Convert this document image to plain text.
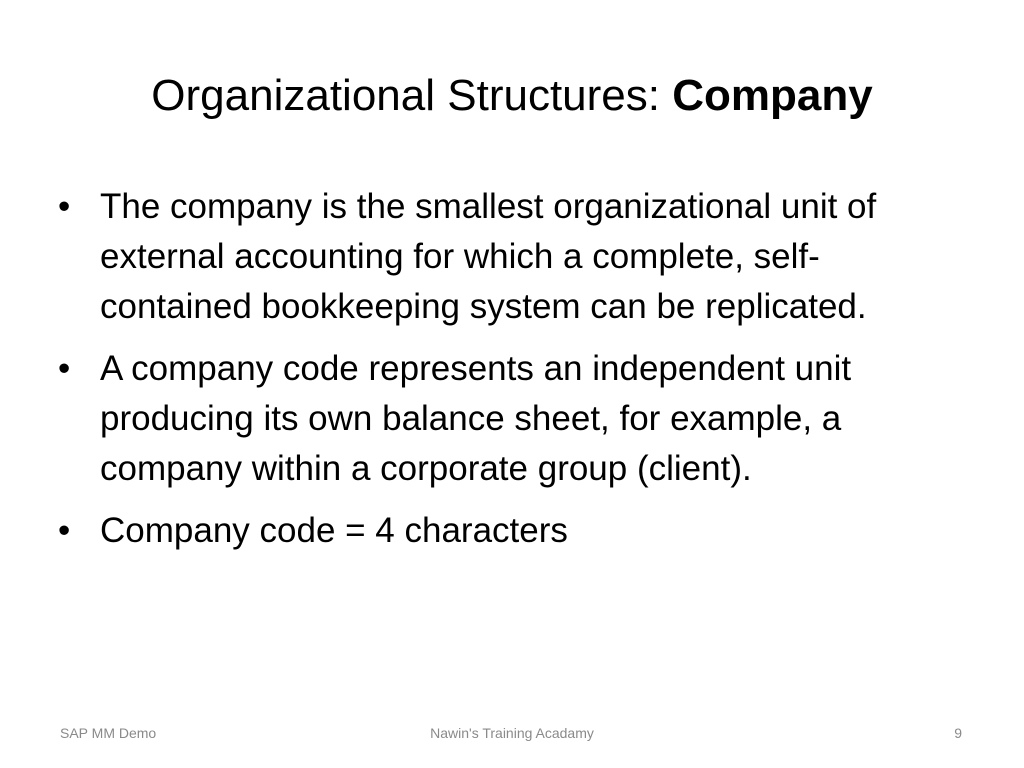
Organizational Structures: Company
• The company is the smallest organizational unit of external accounting for which a complete, self-contained bookkeeping system can be replicated.
• A company code represents an independent unit producing its own balance sheet, for example, a company within a corporate group (client).
• Company code = 4 characters
SAP MM Demo	Nawin's Training Acadamy	9
